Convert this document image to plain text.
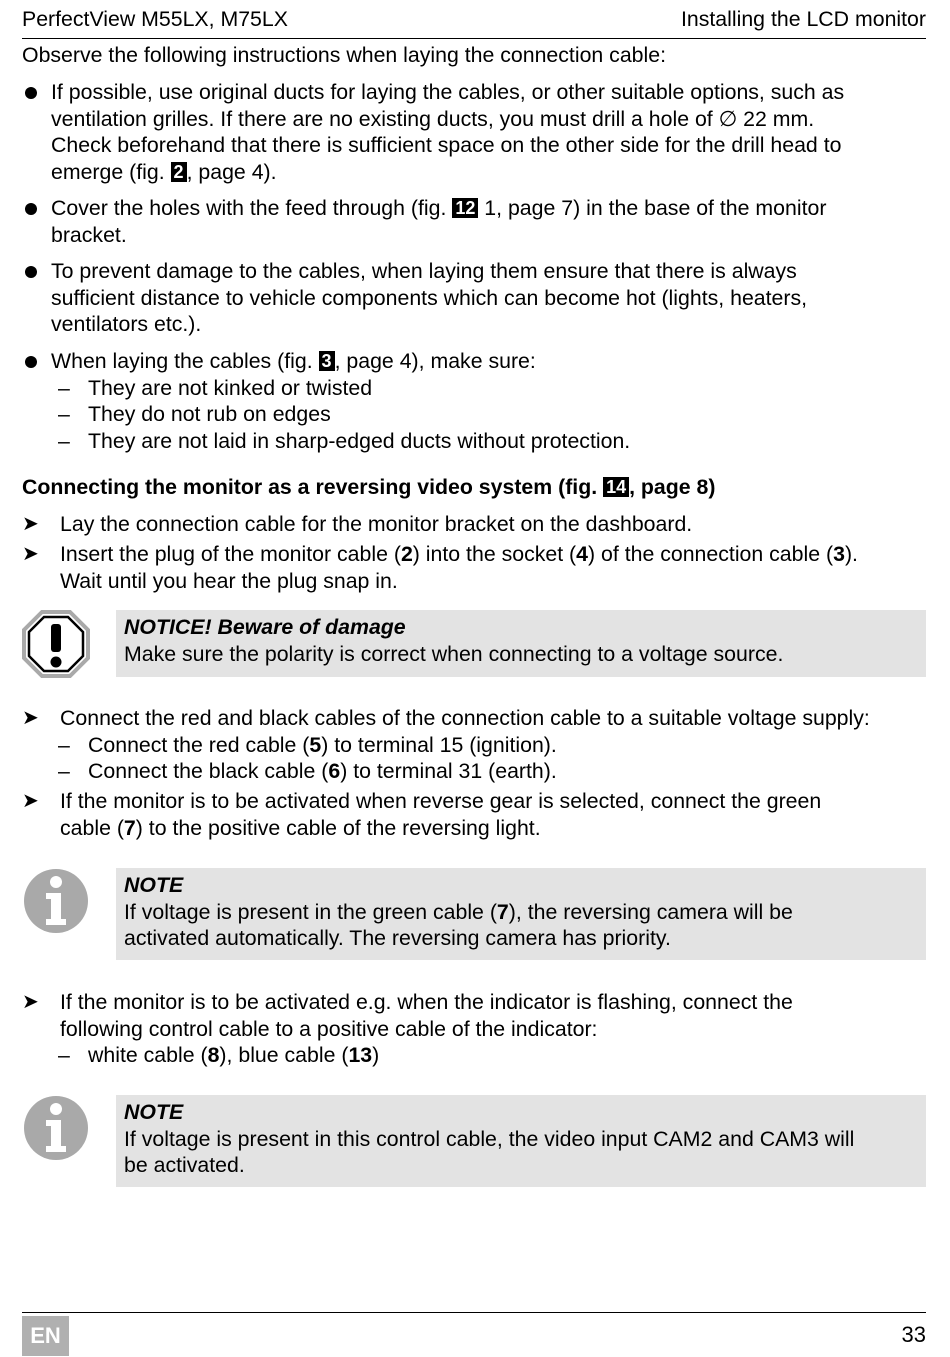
PerfectView M55LX, M75LX	Installing the LCD monitor
Observe the following instructions when laying the connection cable:
If possible, use original ducts for laying the cables, or other suitable options, such as
ventilation grilles. If there are no existing ducts, you must drill a hole of ∅ 22 mm.
Check beforehand that there is sufficient space on the other side for the drill head to
emerge (fig. 2 , page 4).
Cover the holes with the feed through (fig. 12 1, page 7) in the base of the monitor
bracket.
To prevent damage to the cables, when laying them ensure that there is always
sufficient distance to vehicle components which can become hot (lights, heaters,
ventilators etc.).
When laying the cables (fig. 3 , page 4), make sure:
– They are not kinked or twisted
– They do not rub on edges
– They are not laid in sharp-edged ducts without protection.
Connecting the monitor as a reversing video system (fig. 14 , page 8)
➤ Lay the connection cable for the monitor bracket on the dashboard.
➤ Insert the plug of the monitor cable (2) into the socket (4) of the connection cable (3).
Wait until you hear the plug snap in.
NOTICE! Beware of damage
Make sure the polarity is correct when connecting to a voltage source.
➤ Connect the red and black cables of the connection cable to a suitable voltage supply:
– Connect the red cable (5) to terminal 15 (ignition).
– Connect the black cable (6) to terminal 31 (earth).
➤ If the monitor is to be activated when reverse gear is selected, connect the green
cable (7) to the positive cable of the reversing light.
NOTE
If voltage is present in the green cable (7), the reversing camera will be
activated automatically. The reversing camera has priority.
➤ If the monitor is to be activated e.g. when the indicator is flashing, connect the
following control cable to a positive cable of the indicator:
– white cable (8), blue cable (13)
NOTE
If voltage is present in this control cable, the video input CAM2 and CAM3 will
be activated.
EN	33
